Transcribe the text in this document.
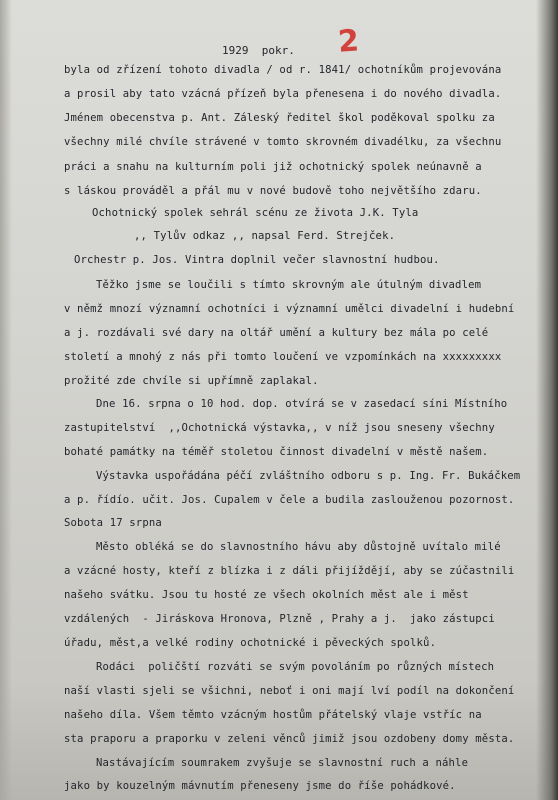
1929 pokr. 2
byla od zřízení tohoto divadla / od r. 1841/ ochotníkům projevována
a prosil aby tato vzácná přízeň byla přenesena i do nového divadla.
Jménem obecenstva p. Ant. Záleský ředitel škol poděkoval spolku za
všechny milé chvíle strávené v tomto skrovném divadélku, za všechnu
práci a snahu na kulturním poli již ochotnický spolek neúnavně a
s láskou prováděl a přál mu v nové budově toho největšího zdaru.
Ochotnický spolek sehrál scénu ze života J.K. Tyla
,, Tylův odkaz ,, napsal Ferd. Strejček.
Orchestr p. Jos. Vintra doplnil večer slavnostní hudbou.
Těžko jsme se loučili s tímto skrovným ale útulným divadlem
v němž mnozí významní ochotníci i významní umělci divadelní i hudební
a j. rozdávali své dary na oltář umění a kultury bez mála po celé
století a mnohý z nás při tomto loučení ve vzpomínkách na xxxxxxxxx
prožité zde chvíle si upřímně zaplakal.
Dne 16. srpna o 10 hod. dop. otvírá se v zasedací síni Místního
zastupitelství  ,,Ochotnická výstavka,, v níž jsou sneseny všechny
bohaté památky na téměř stoletou činnost divadelní v městě našem.
Výstavka uspořádána péčí zvláštního odboru s p. Ing. Fr. Bukáčkem
a p. řídío. učit. Jos. Cupalem v čele a budila zaslouženou pozornost.
Sobota 17 srpna
Město obléká se do slavnostního hávu aby důstojně uvítalo milé
a vzácné hosty, kteří z blízka i z dáli přijíždějí, aby se zúčastnili
našeho svátku. Jsou tu hosté ze všech okolních měst ale i měst
vzdálených  - Jiráskova Hronova, Plzně , Prahy a j.  jako zástupci
úřadu, měst,a velké rodiny ochotnické i pěveckých spolků.
Rodáci  poličští rozváti se svým povoláním po různých místech
naší vlasti sjeli se všichni, neboť i oni mají lví podíl na dokončení
našeho díla. Všem těmto vzácným hostům přátelský vlaje vstříc na
sta praporu a praporku v zeleni věnců jimiž jsou ozdobeny domy města.
Nastávajícím soumrakem zvyšuje se slavnostní ruch a náhle
jako by kouzelným mávnutím přeneseny jsme do říše pohádkové.
